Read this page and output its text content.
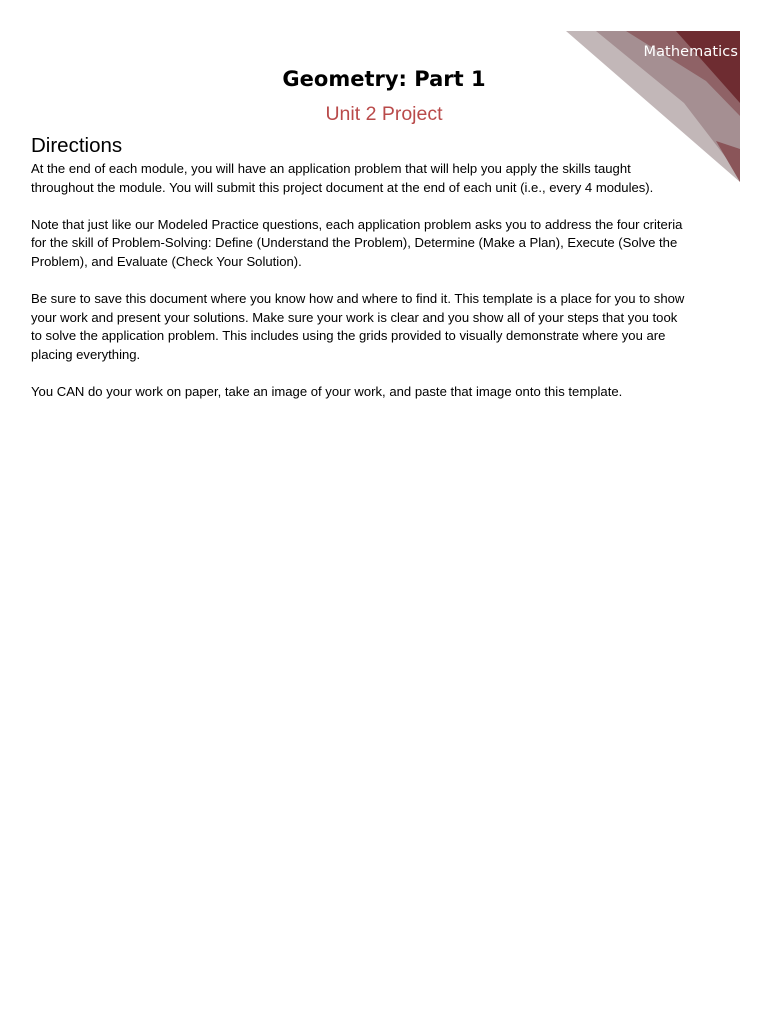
Mathematics
Geometry: Part 1
Unit 2 Project
Directions

At the end of each module, you will have an application problem that will help you apply the skills taught
throughout the module. You will submit this project document at the end of each unit (i.e., every 4 modules).

Note that just like our Modeled Practice questions, each application problem asks you to address the four criteria
for the skill of Problem-Solving: Define (Understand the Problem), Determine (Make a Plan), Execute (Solve the
Problem), and Evaluate (Check Your Solution).

Be sure to save this document where you know how and where to find it. This template is a place for you to show
your work and present your solutions. Make sure your work is clear and you show all of your steps that you took
to solve the application problem. This includes using the grids provided to visually demonstrate where you are
placing everything.

You CAN do your work on paper, take an image of your work, and paste that image onto this template.
